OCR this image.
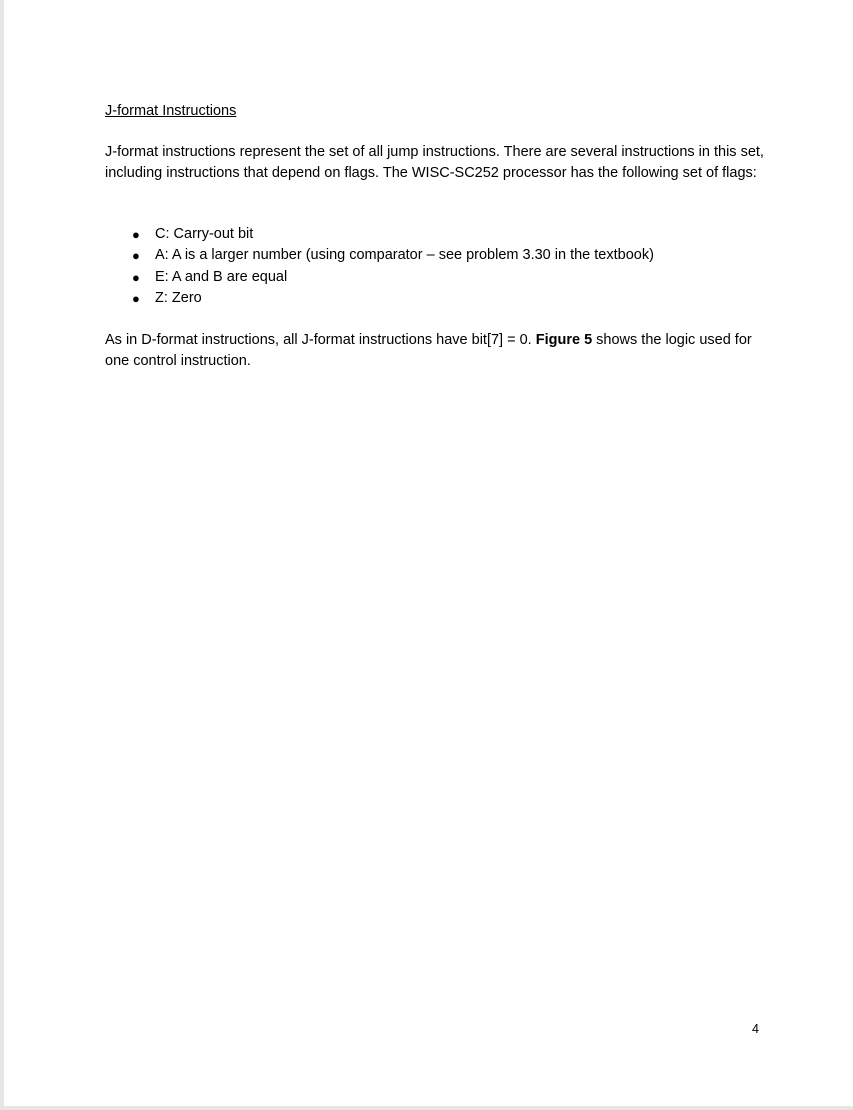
J-format Instructions

J-format instructions represent the set of all jump instructions. There are several instructions in this set, including instructions that depend on flags. The WISC-SC252 processor has the following set of flags:

● C: Carry-out bit
● A: A is a larger number (using comparator – see problem 3.30 in the textbook)
● E: A and B are equal
● Z: Zero

As in D-format instructions, all J-format instructions have bit[7] = 0. Figure 5 shows the logic used for one control instruction.

4
